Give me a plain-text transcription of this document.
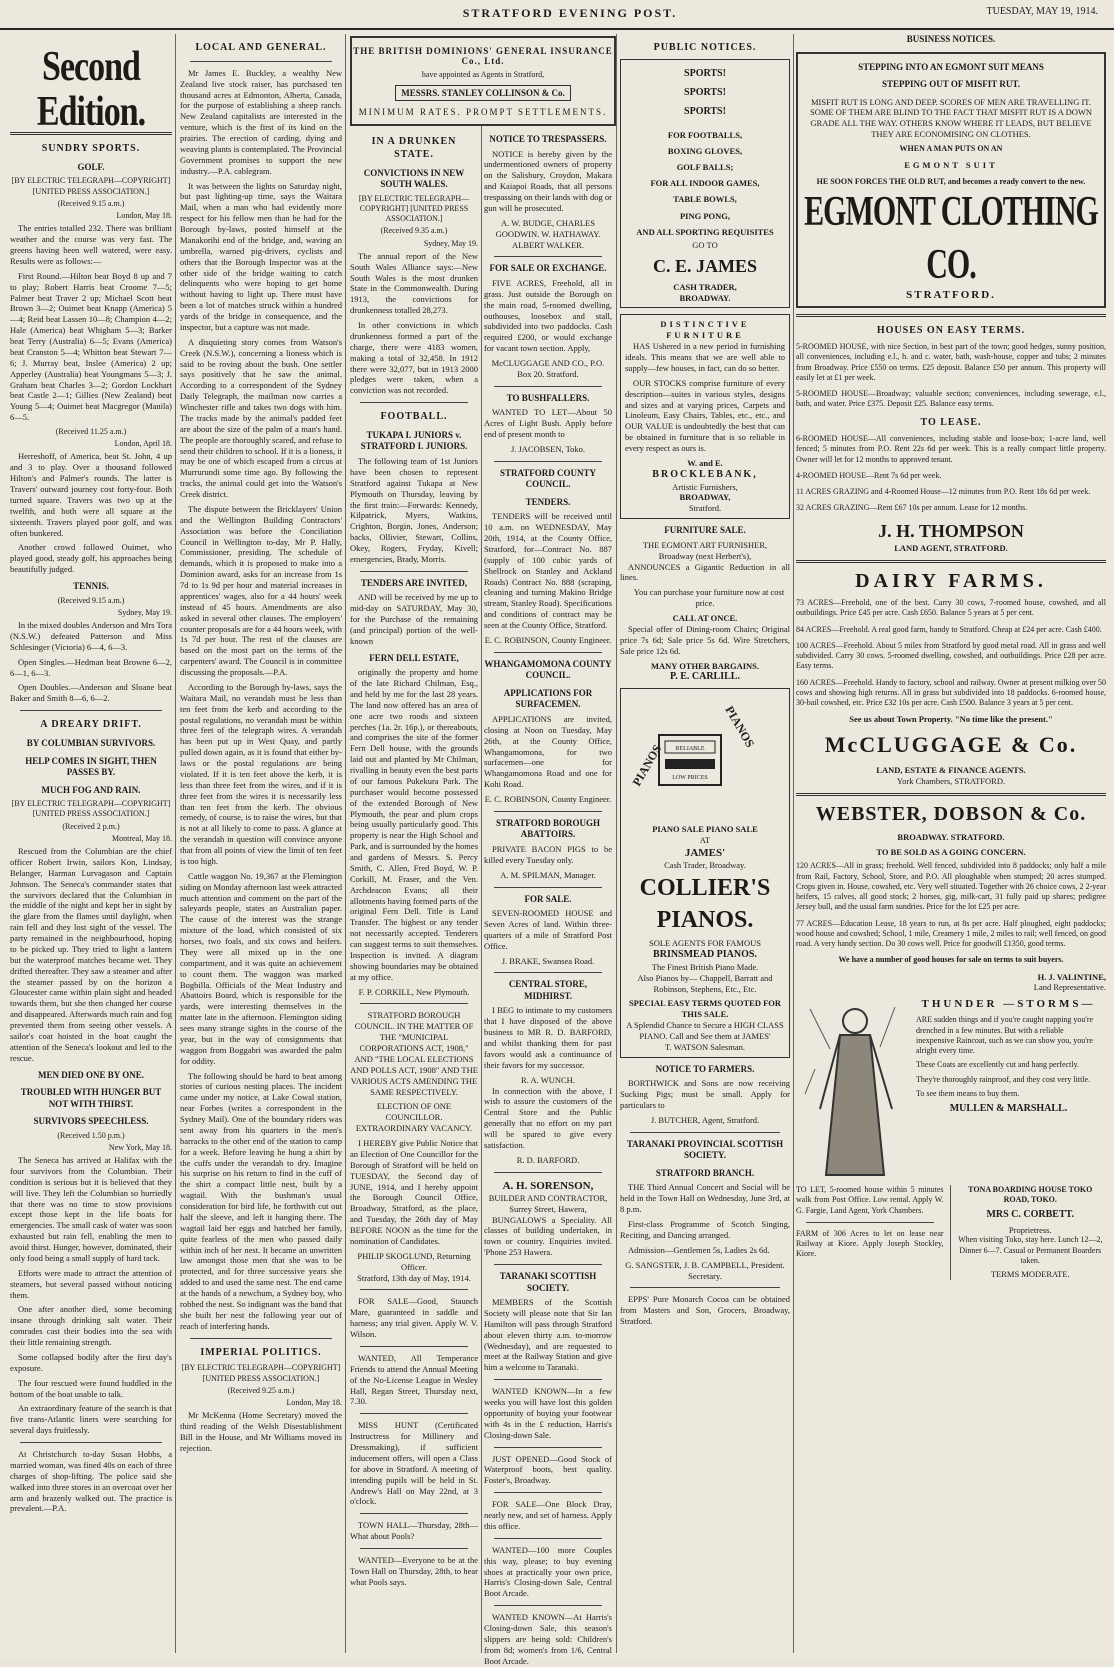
STRATFORD EVENING POST.	TUESDAY, MAY 19, 1914.
Second Edition.
SUNDRY SPORTS.
GOLF.
[BY ELECTRIC TELEGRAPH—COPYRIGHT] [UNITED PRESS ASSOCIATION.]
(Received 9.15 a.m.)
London, May 18.

The entries totalled 232. There was brilliant weather and the course was very fast. The greens having been well watered, were easy. Results were as follows:—

First Round.—Hilton beat Boyd 8 up and 7 to play; Robert Harris beat Croome 7—5; Palmer beat Traver 2 up; Michael Scott beat Brown 3—2; Ouimet beat Knapp (America) 5—4; Reid beat Lassen 10—8; Champion 4—2; Hale (America) beat Whigham 5—3; Barker beat Terry (Australia) 6—5; Evans (America) beat Cranston 5—4; Whitton beat Stewart 7—6; J. Murray beat, Inslee (America) 2 up; Apperley (Australia) beat Youngmans 5—3; J. Graham beat Charles 3—2; Gordon Lockhart beat Castle 2—1; Gillies (New Zealand) beat Young 5—4; Ouimet beat Macgregor (Manila) 6—5.

(Received 11.25 a.m.)
London, April 18.

Herreshoff, of America, beat St. John, 4 up and 3 to play. Over a thousand followed Hilton's and Palmer's rounds. The latter is Travers' outward journey cost forty-four. Both turned square. Travers was two up at the twelfth, and both were all square at the sixteenth. Travers played poor golf, and was often bunkered.

Another crowd followed Ouimet, who played good, steady golf, his approaches being beautifully judged.

TENNIS.
(Received 9.15 a.m.)
Sydney, May 19.

In the mixed doubles Anderson and Mrs Tora (N.S.W.) defeated Patterson and Miss Schlesinger (Victoria) 6—4, 6—3.

Open Singles.—Hedman beat Browne 6—2, 6—1, 6—3.

Open Doubles.—Anderson and Sloane beat Baker and Smith 8—6, 6—2.

A DREARY DRIFT.
BY COLUMBIAN SURVIVORS.
HELP COMES IN SIGHT, THEN PASSES BY.
MUCH FOG AND RAIN.
[BY ELECTRIC TELEGRAPH—COPYRIGHT] [UNITED PRESS ASSOCIATION.]
(Received 2 p.m.)
Montreal, May 18.

Rescued from the Columbian are the chief officer Robert Irwin, sailors Kon, Lindsay, Belanger, Harman Lurvagason and Captain Johnson. The Seneca's commander states that the survivors declared that the Columbian in the middle of the night and kept her in sight by the glare from the flames until daylight, when rain fell and they lost sight of the vessel. The party remained in the neighbourhood, hoping to be picked up. They tried to light a lantern but the waterproof matches became wet. They drifted thereafter. They saw a steamer and after the steamer passed by on the horizon a Gloucester came within plain sight and headed towards them, but she then changed her course and disappeared. Afterwards much rain and fog prevented them from seeing other vessels. A sailor's coat hoisted in the boat caught the attention of the Seneca's lookout and led to the rescue.

MEN DIED ONE BY ONE.
TROUBLED WITH HUNGER BUT NOT WITH THIRST.
SURVIVORS SPEECHLESS.
(Received 1.50 p.m.)
New York, May 18.

The Seneca has arrived at Halifax with the four survivors from the Columbian. Their condition is serious but it is believed that they will live. They left the Columbian so hurriedly that there was no time to stow provisions except those kept in the life boats for emergencies. The small cask of water was soon exhausted but rain fell, enabling the men to avoid thirst. Hunger, however, dominated, their only food being a small supply of hard tack.

Efforts were made to attract the attention of steamers, but several passed without noticing them.

One after another died, some becoming insane through drinking salt water. Their comrades cast their bodies into the sea with their little remaining strength.

Some collapsed bodily after the first day's exposure.

The four rescued were found huddled in the bottom of the boat unable to talk.

An extraordinary feature of the search is that five trans-Atlantic liners were searching for several days fruitlessly.

At Christchurch to-day Susan Hobbs, a married woman, was fined 40s on each of three charges of shop-lifting. The police said she walked into three stores in an overcoat over her arm and brazenly walked out. The practice is prevalent.—P.A.

LOCAL AND GENERAL.

Mr James E. Buckley, a wealthy New Zealand live stock raiser, has purchased ten thousand acres at Edmonton, Alberta, Canada, for the purpose of establishing a sheep ranch. New Zealand capitalists are interested in the venture, which is the first of its kind on the prairies. The erection of carding, dying and weaving plants is contemplated. The Provincial Government promises to support the new industry.—P.A. cablegram.

It was between the lights on Saturday night, but past lighting-up time, says the Waitara Mail, when a man who had evidently more respect for his fellow men than he had for the Borough by-laws, posted himself at the Manakorihi end of the bridge, and, waving an umbrella, warned pig-drivers, cyclists and others that the Borough Inspector was at the other side of the bridge waiting to catch delinquents who were hoping to get home without having to light up. There must have been a lot of matches struck within a hundred yards of the bridge in consequence, and the inspector, but a capture was not made.

A disquieting story comes from Watson's Creek (N.S.W.), concerning a lioness which is said to be roving about the bush. One settler says positively that he saw the animal. According to a correspondent of the Sydney Daily Telegraph, the mailman now carries a Winchester rifle and takes two dogs with him. The tracks made by the animal's padded feet are about the size of the palm of a man's hand. The people are thoroughly scared, and refuse to send their children to school. If it is a lioness, it may be one of which escaped from a circus at Murrurundi some time ago. By following the tracks, the animal could get into the Watson's Creek district.

The dispute between the Bricklayers' Union and the Wellington Building Contractors' Association was before the Conciliation Council in Wellington to-day, Mr P. Hally, Commissioner, presiding. The schedule of demands, which it is proposed to make into a Dominion award, asks for an increase from 1s 7d to 1s 9d per hour and material increases in apprentices' wages, also for a 44 hours' week instead of 45 hours. Amendments are also asked in several other clauses. The employers' counter proposals are for a 44 hours week, with 1s 7d per hour. The rest of the clauses are based on the most part on the terms of the carpenters' award. The Council is in committee discussing the proposals.—P.A.

According to the Borough by-laws, says the Waitara Mail, no verandah must be less than ten feet from the kerb and according to the postal regulations, no verandah must be within three feet of the telegraph wires. A verandah has been put up in West Quay, and partly pulled down again, as it is found that either by-laws or the postal regulations are being violated. If it is ten feet above the kerb, it is less than three feet from the wires, and if it is three feet from the wires it is necessarily less than ten feet from the kerb. The obvious remedy, of course, is to raise the wires, but that is not at all likely to come to pass. A glance at the verandah in question will convince anyone that from all points of view the limit of ten feet is too high.

Cattle waggon No. 19,367 at the Flemington siding on Monday afternoon last week attracted much attention and comment on the part of the saleyards people, states an Australian paper. The cause of the interest was the strange mixture of the load, which consisted of six horses, two foals, and six cows and heifers. They were all mixed up in the one compartment, and it was quite an achievement to count them. The waggon was marked Bogbilla. Officials of the Meat Industry and Abattoirs Board, which is responsible for the yards, were interesting themselves in the matter late in the afternoon. Flemington siding sees many strange sights in the course of the year, but in the way of consignments that waggon from Boggabri was awarded the palm for oddity.

The following should be hard to beat among stories of curious nesting places. The incident came under my notice, at Lake Cowal station, near Forbes (writes a correspondent in the Sydney Mail). One of the boundary riders was sent away from his quarters in the men's barracks to the other end of the station to camp for a week. Before leaving he hung a shirt by the cuffs under the verandah to dry. Imagine his surprise on his return to find in the cuff of the shirt a compact little nest, built by a wagtail. With the bushman's usual consideration for bird life, he forthwith cut out half the sleeve, and left it hanging there. The wagtail laid her eggs and hatched her family, quite fearless of the men who passed daily within inch of her nest. It became an unwritten law amongst those men that she was to be protected, and for three successive years she added to and used the same nest. The end came at the hands of a newchum, a Sydney boy, who robbed the nest. So indignant was the band that she built her nest the following year out of reach of interfering hands.

IMPERIAL POLITICS.
[BY ELECTRIC TELEGRAPH—COPYRIGHT] [UNITED PRESS ASSOCIATION.]
(Received 9.25 a.m.)
London, May 18.

Mr McKenna (Home Secretary) moved the third reading of the Welsh Disestablishment Bill in the House, and Mr Williams moved its rejection.

THE BRITISH DOMINIONS' GENERAL INSURANCE Co., Ltd.
have appointed as Agents in Stratford,
MESSRS. STANLEY COLLINSON & Co.
MINIMUM RATES. PROMPT SETTLEMENTS.
IN A DRUNKEN STATE.
CONVICTIONS IN NEW SOUTH WALES.
[BY ELECTRIC TELEGRAPH—COPYRIGHT] [UNITED PRESS ASSOCIATION.]
(Received 9.35 a.m.)
Sydney, May 19.

The annual report of the New South Wales Alliance says:—New South Wales is the most drunken State in the Commonwealth. During 1913, the convictions for drunkenness totalled 28,273.

In other convictions in which drunkenness formed a part of the charge, there were 4183 women, making a total of 32,458. In 1912 there were 32,077, but in 1913 2000 pledges were taken, when a conviction was not recorded.

FOOTBALL.
TUKAPA I. JUNIORS v. STRATFORD I. JUNIORS.

The following team of 1st Juniors have been chosen to represent Stratford against Tukapa at New Plymouth on Thursday, leaving by the first train:—Forwards: Kennedy, Kilpatrick, Myers, Watkins, Crighton, Borgin, Jones, Anderson; backs, Ollivier, Stewart, Collins, Okey, Rogers, Fryday, Kivell; emergencies, Brady, Morris.

TENDERS ARE INVITED,

AND will be received by me up to mid-day on SATURDAY, May 30, for the Purchase of the remaining (and principal) portion of the well-known

FERN DELL ESTATE,

originally the property and home of the late Richard Chilman, Esq., and held by me for the last 28 years. The land now offered has an area of one acre two roods and sixteen perches (1a. 2r. 16p.), or thereabouts, and comprises the site of the former Fern Dell house, with the grounds laid out and planted by Mr Chilman, rivalling in beauty even the best parts of our famous Pukekura Park. The purchaser would become possessed of the extended Borough of New Plymouth, the pear and plum crops being usually particularly good. This property is near the High School and Park, and is surrounded by the homes and gardens of Messrs. S. Percy Smith, C. Allen, Fred Boyd, W. P. Corkill, M. Fraser, and the Ven. Archdeacon Evans; all their allotments having formed parts of the original Fern Dell. Title is Land Transfer. The highest or any tender not necessarily accepted. Tenderers can suggest terms to suit themselves. Inspection is invited. A diagram showing boundaries may be obtained at my office.

F. P. CORKILL, New Plymouth.
STRATFORD BOROUGH COUNCIL. IN THE MATTER OF THE "MUNICIPAL CORPORATIONS ACT, 1908," AND "THE LOCAL ELECTIONS AND POLLS ACT, 1908" AND THE VARIOUS ACTS AMENDING THE SAME RESPECTIVELY.
ELECTION OF ONE COUNCILLOR. EXTRAORDINARY VACANCY.

I HEREBY give Public Notice that an Election of One Councillor for the Borough of Stratford will be held on TUESDAY, the Second day of JUNE, 1914, and I hereby appoint the Borough Council Office, Broadway, Stratford, as the place, and Tuesday, the 26th day of May BEFORE NOON as the time for the nomination of Candidates.

PHILIP SKOGLUND, Returning Officer.
Stratford, 13th day of May, 1914.

FOR SALE—Good, Staunch Mare, guaranteed in saddle and harness; any trial given. Apply W. V. Wilson.

WANTED, All Temperance Friends to attend the Annual Meeting of the No-License League in Wesley Hall, Regan Street, Thursday next, 7.30.

MISS HUNT (Certificated Instructress for Millinery and Dressmaking), if sufficient inducement offers, will open a Class for above in Stratford. A meeting of intending pupils will be held in St. Andrew's Hall on May 22nd, at 3 o'clock.

TOWN HALL—Thursday, 28th—What about Pools?

WANTED—Everyone to be at the Town Hall on Thursday, 28th, to hear what Pools says.

NOTICE TO TRESPASSERS.

NOTICE is hereby given by the undermentioned owners of property on the Salisbury, Croydon, Makara and Kaiapoi Roads, that all persons trespassing on their lands with dog or gun will be prosecuted.

A. W. BUDGE, CHARLES GOODWIN. W. HATHAWAY. ALBERT WALKER.
FOR SALE OR EXCHANGE.

FIVE ACRES, Freehold, all in grass. Just outside the Borough on the main road, 5-roomed dwelling, outhouses, loosebox and stall, subdivided into two paddocks. Cash required £200, or would exchange for vacant town section. Apply,

McCLUGGAGE AND CO., P.O. Box 20. Stratford.
TO BUSHFALLERS.

WANTED TO LET—About 50 Acres of Light Bush. Apply before end of present month to

J. JACOBSEN, Toko.
STRATFORD COUNTY COUNCIL.
TENDERS.

TENDERS will be received until 10 a.m. on WEDNESDAY, May 20th, 1914, at the County Office, Stratford, for—Contract No. 887 (supply of 100 cubic yards of Shellrock on Stanley and Ackland Roads) Contract No. 888 (scraping, cleaning and turning Makino Bridge stream, Stanley Road). Specifications and conditions of contract may be seen at the County Office, Stratford.

E. C. ROBINSON, County Engineer.
WHANGAMOMONA COUNTY COUNCIL.
APPLICATIONS FOR SURFACEMEN.

APPLICATIONS are invited, closing at Noon on Tuesday, May 26th, at the County Office, Whangamomona, for two surfacemen—one for Whangamomona Road and one for Kohi Road.

E. C. ROBINSON, County Engineer.
STRATFORD BOROUGH ABATTOIRS.

PRIVATE BACON PIGS to be killed every Tuesday only.

A. M. SPILMAN, Manager.
FOR SALE.

SEVEN-ROOMED HOUSE and Seven Acres of land. Within three-quarters of a mile of Stratford Post Office.

J. BRAKE, Swansea Road.
CENTRAL STORE, MIDHIRST.

I BEG to intimate to my customers that I have disposed of the above business to MR R. D. BARFORD, and whilst thanking them for past favors would ask a continuance of their favors for my successor.

R. A. WUNCH.

In connection with the above, I wish to assure the customers of the Central Store and the Public generally that no effort on my part will be spared to give every satisfaction.

R. D. BARFORD.
A. H. SORENSON,
BUILDER AND CONTRACTOR,
Surrey Street, Hawera,

BUNGALOWS a Speciality. All classes of building undertaken, in town or country. Enquiries invited. 'Phone 253 Hawera.

TARANAKI SCOTTISH SOCIETY.

MEMBERS of the Scottish Society will please note that Sir Ian Hamilton will pass through Stratford about eleven thirty a.m. to-morrow (Wednesday), and are requested to meet at the Railway Station and give him a welcome to Taranaki.

WANTED KNOWN—In a few weeks you will have lost this golden opportunity of buying your footwear with 4s in the £ reduction, Harris's Closing-down Sale.

JUST OPENED—Good Stock of Waterproof boots, best quality. Foster's, Broadway.

FOR SALE—One Block Dray, nearly new, and set of harness. Apply this office.

WANTED—100 more Couples this way, please; to buy evening shoes at practically your own price, Harris's Closing-down Sale, Central Boot Arcade.

WANTED KNOWN—At Harris's Closing-down Sale, this season's slippers are being sold: Children's from 8d; women's from 1/6, Central Boot Arcade.

PUBLIC NOTICES.
SPORTS!
SPORTS!
SPORTS!
FOR FOOTBALLS,
BOXING GLOVES,
GOLF BALLS;
FOR ALL INDOOR GAMES,
TABLE BOWLS,
PING PONG,
AND ALL SPORTING REQUISITES
GO TO
C. E. JAMES
CASH TRADER,
BROADWAY.
DISTINCTIVE FURNITURE

HAS Ushered in a new period in furnishing ideals. This means that we are well able to supply—few houses, in fact, can do so better.

OUR STOCKS comprise furniture of every description—suites in various styles, designs and sizes and at varying prices, Carpets and Linoleum, Easy Chairs, Tables, etc., etc., and OUR VALUE is undoubtedly the best that can be obtained in furniture that is so reliable in every respect as ours is.

W. and E.
BROCKLEBANK,
Artistic Furnishers,
BROADWAY,
Stratford.
FURNITURE SALE.
THE EGMONT ART FURNISHER,
Broadway (next Herbert's),

ANNOUNCES a Gigantic Reduction in all lines.

You can purchase your furniture now at cost price.

CALL AT ONCE.

Special offer of Dining-room Chairs; Original price 7s 6d; Sale price 5s 6d. Wire Stretchers, Sale price 12s 6d.

MANY OTHER BARGAINS.
P. E. CARLILL.
PIANOS
PIANOS
RELIABLE
LOW PRICES
PIANO SALE PIANO SALE
AT
JAMES'
Cash Trader, Broadway.
COLLIER'S
PIANOS.
SOLE AGENTS FOR FAMOUS
BRINSMEAD PIANOS.
The Finest British Piano Made.
Also Pianos by— Chappell, Barratt and Robinson, Stephens, Etc., Etc.
SPECIAL EASY TERMS QUOTED FOR THIS SALE.
A Splendid Chance to Secure a HIGH CLASS PIANO. Call and See them at JAMES'
T. WATSON Salesman.
NOTICE TO FARMERS.

BORTHWICK and Sons are now receiving Sucking Pigs; must be small. Apply for particulars to

J. BUTCHER, Agent, Stratford.
TARANAKI PROVINCIAL SCOTTISH SOCIETY.
STRATFORD BRANCH.

THE Third Annual Concert and Social will be held in the Town Hall on Wednesday, June 3rd, at 8 p.m.

First-class Programme of Scotch Singing, Reciting, and Dancing arranged.

Admission—Gentlemen 5s, Ladies 2s 6d.

G. SANGSTER, J. B. CAMPBELL, President. Secretary.

EPPS' Pure Monarch Cocoa can be obtained from Masters and Son, Grocers, Broadway, Stratford.

BUSINESS NOTICES.
STEPPING INTO AN EGMONT SUIT MEANS
STEPPING OUT OF MISFIT RUT.

MISFIT RUT IS LONG AND DEEP. SCORES OF MEN ARE TRAVELLING IT. SOME OF THEM ARE BLIND TO THE FACT THAT MISFIT RUT IS A DOWN GRADE ALL THE WAY. OTHERS KNOW WHERE IT LEADS, BUT BELIEVE THEY ARE ECONOMISING ON CLOTHES.

WHEN A MAN PUTS ON AN
EGMONT SUIT
HE SOON FORCES THE OLD RUT, and becomes a ready convert to the new.
EGMONT CLOTHING CO.
STRATFORD.
HOUSES ON EASY TERMS.

5-ROOMED HOUSE, with nice Section, in best part of the town; good hedges, sunny position, all conveniences, including e.l., h. and c. water, bath, wash-house, copper and tubs; 2 minutes from Broadway. Price £550 on terms. £25 deposit. Balance £50 per annum. This property will easily let at £1 per week.

5-ROOMED HOUSE—Broadway; valuable section; conveniences, including sewerage, e.l., bath, and water. Price £375. Deposit £25. Balance easy terms.

TO LEASE.

6-ROOMED HOUSE—All conveniences, including stable and loose-box; 1-acre land, well fenced; 5 minutes from P.O. Rent 22s 6d per week. This is a really compact little property. Owner will let for 12 months to approved tenant.

4-ROOMED HOUSE—Rent 7s 6d per week.

11 ACRES GRAZING and 4-Roomed House—12 minutes from P.O. Rent 18s 6d per week.

32 ACRES GRAZING—Rent £67 10s per annum. Lease for 12 months.

J. H. THOMPSON
LAND AGENT, STRATFORD.
DAIRY FARMS.

73 ACRES—Freehold, one of the best. Carry 30 cows, 7-roomed house, cowshed, and all outbuildings. Price £45 per acre. Cash £650. Balance 5 years at 5 per cent.

84 ACRES—Freehold. A real good farm, handy to Stratford. Cheap at £24 per acre. Cash £400.

100 ACRES—Freehold. About 5 miles from Stratford by good metal road. All in grass and well subdivided. Carry 30 cows. 5-roomed dwelling, cowshed, and outbuildings. Price £28 per acre. Easy terms.

160 ACRES—Freehold. Handy to factory, school and railway. Owner at present milking over 50 cows and showing high returns. All in grass but subdivided into 18 paddocks. 6-roomed house, 30-bail cowshed, etc. Price £32 10s per acre. Cash £500. Balance 3 years at 5 per cent.

See us about Town Property. "No time like the present."
McCLUGGAGE & Co.
LAND, ESTATE & FINANCE AGENTS.
York Chambers, STRATFORD.
WEBSTER, DOBSON & Co.
BROADWAY. STRATFORD.
TO BE SOLD AS A GOING CONCERN.

120 ACRES—All in grass; freehold. Well fenced, subdivided into 8 paddocks; only half a mile from Rail, Factory, School, Store, and P.O. All ploughable when stumped; 20 acres stumped. Crops given in. House, cowshed, etc. Very well situated. Together with 26 choice cows, 2 2-year heifers, 15 calves, all good stock; 2 horses, gig, milk-cart, 31 fully paid up shares; pedigree Jersey bull, and the usual farm sundries. Price for the lot £25 per acre.

77 ACRES—Education Lease, 18 years to run, at 8s per acre. Half ploughed, eight paddocks; wood house and cowshed; School, 1 mile, Creamery 1 mile, 2 miles to rail; well fenced, on good road. A very handy section. Do 30 cows well. Price for goodwill £1350, good terms.

We have a number of good houses for sale on terms to suit buyers.

H. J. VALINTINE,
Land Representative.
THUNDER —STORMS—

ARE sudden things and if you're caught napping you're drenched in a few minutes. But with a reliable inexpensive Raincoat, such as we can show you, you're alright every time.

These Coats are excellently cut and hang perfectly.

They're thoroughly rainproof, and they cost very little.

To see them means to buy them.

MULLEN & MARSHALL.

TO LET, 5-roomed house within 5 minutes walk from Post Office. Low rental. Apply W. G. Fargie, Land Agent, York Chambers.

FARM of 306 Acres to let on lease near Railway at Kiore. Apply Joseph Stockley, Kiore.

TONA BOARDING HOUSE TOKO ROAD, TOKO.
MRS C. CORBETT.
Proprietress.
When visiting Toko, stay here. Lunch 12—2, Dinner 6—7. Casual or Permanent Boarders taken.
TERMS MODERATE.
